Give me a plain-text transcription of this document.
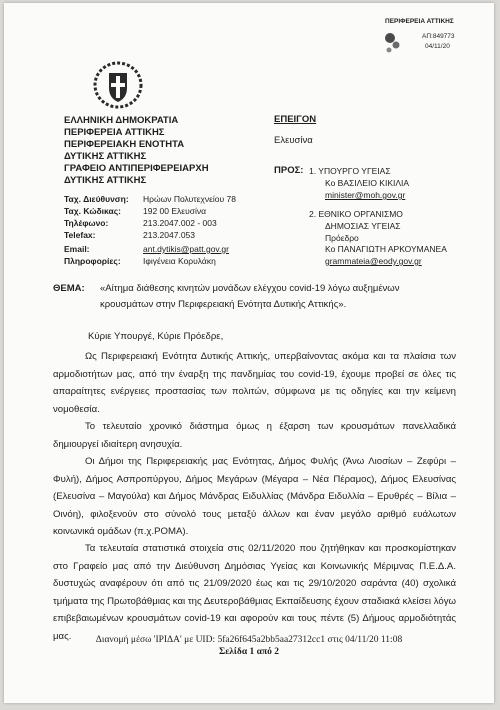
ΠΕΡΙΦΕΡΕΙΑ ΑΤΤΙΚΗΣ
ΑΠ:849773
04/11/20
ΕΛΛΗΝΙΚΗ ΔΗΜΟΚΡΑΤΙΑ
ΠΕΡΙΦΕΡΕΙΑ ΑΤΤΙΚΗΣ
ΠΕΡΙΦΕΡΕΙΑΚΗ ΕΝΟΤΗΤΑ
ΔΥΤΙΚΗΣ ΑΤΤΙΚΗΣ
ΓΡΑΦΕΙΟ ΑΝΤΙΠΕΡΙΦΕΡΕΙΑΡΧΗ
ΔΥΤΙΚΗΣ ΑΤΤΙΚΗΣ
ΕΠΕΙΓΟΝ
Ελευσίνα
Ταχ. Διεύθυνση: Ηρώων Πολυτεχνείου 78
Ταχ. Κώδικας:	192 00 Ελευσίνα
Τηλέφωνο:	213.2047.002 - 003
Telefax:	213.2047.053
Email:	ant.dytikis@patt.gov.gr
Πληροφορίες:	Ιφιγένεια Κορυλάκη
ΠΡΟΣ: 1. ΥΠΟΥΡΓΟ ΥΓΕΙΑΣ
Κο ΒΑΣΙΛΕΙΟ ΚΙΚΙΛΙΑ
minister@moh.gov.gr
2. ΕΘΝΙΚΟ ΟΡΓΑΝΙΣΜΟ
ΔΗΜΟΣΙΑΣ ΥΓΕΙΑΣ
Πρόεδρο
Κο ΠΑΝΑΓΙΩΤΗ ΑΡΚΟΥΜΑΝΕΑ
grammateia@eody.gov.gr
ΘΕΜΑ: «Αίτημα διάθεσης κινητών μονάδων ελέγχου covid-19 λόγω αυξημένων
κρουσμάτων στην Περιφερειακή Ενότητα Δυτικής Αττικής».
Κύριε Υπουργέ, Κύριε Πρόεδρε,
Ως Περιφερειακή Ενότητα Δυτικής Αττικής, υπερβαίνοντας ακόμα και τα πλαίσια των αρμοδιοτήτων μας, από την έναρξη της πανδημίας του covid-19, έχουμε προβεί σε όλες τις απαραίτητες ενέργειες προστασίας των πολιτών, σύμφωνα με τις οδηγίες και την κείμενη νομοθεσία.
Το τελευταίο χρονικό διάστημα όμως η έξαρση των κρουσμάτων πανελλαδικά δημιουργεί ιδιαίτερη ανησυχία.
Οι Δήμοι της Περιφερειακής μας Ενότητας, Δήμος Φυλής (Άνω Λιοσίων – Ζεφύρι – Φυλή), Δήμος Ασπροπύργου, Δήμος Μεγάρων (Μέγαρα – Νέα Πέραμος), Δήμος Ελευσίνας (Ελευσίνα – Μαγούλα) και Δήμος Μάνδρας Ειδυλλίας (Μάνδρα Ειδυλλία – Ερυθρές – Βίλια – Οινόη), φιλοξενούν στο σύνολό τους μεταξύ άλλων και έναν μεγάλο αριθμό ευάλωτων κοινωνικά ομάδων (π.χ.ΡΟΜΑ).
Τα τελευταία στατιστικά στοιχεία στις 02/11/2020 που ζητήθηκαν και προσκομίστηκαν στο Γραφείο μας από την Διεύθυνση Δημόσιας Υγείας και Κοινωνικής Μέριμνας Π.Ε.Δ.Α. δυστυχώς αναφέρουν ότι από τις 21/09/2020 έως και τις 29/10/2020 σαράντα (40) σχολικά τμήματα της Πρωτοβάθμιας και της Δευτεροβάθμιας Εκπαίδευσης έχουν σταδιακά κλείσει λόγω επιβεβαιωμένων κρουσμάτων covid-19 και αφορούν και τους πέντε (5) Δήμους αρμοδιότητάς μας.	Διανομή μέσω 'ΙΡΙΔΑ' με UID: 5fa26f645a2bb5aa27312cc1 στις 04/11/20 11:08
Σελίδα 1 από 2
